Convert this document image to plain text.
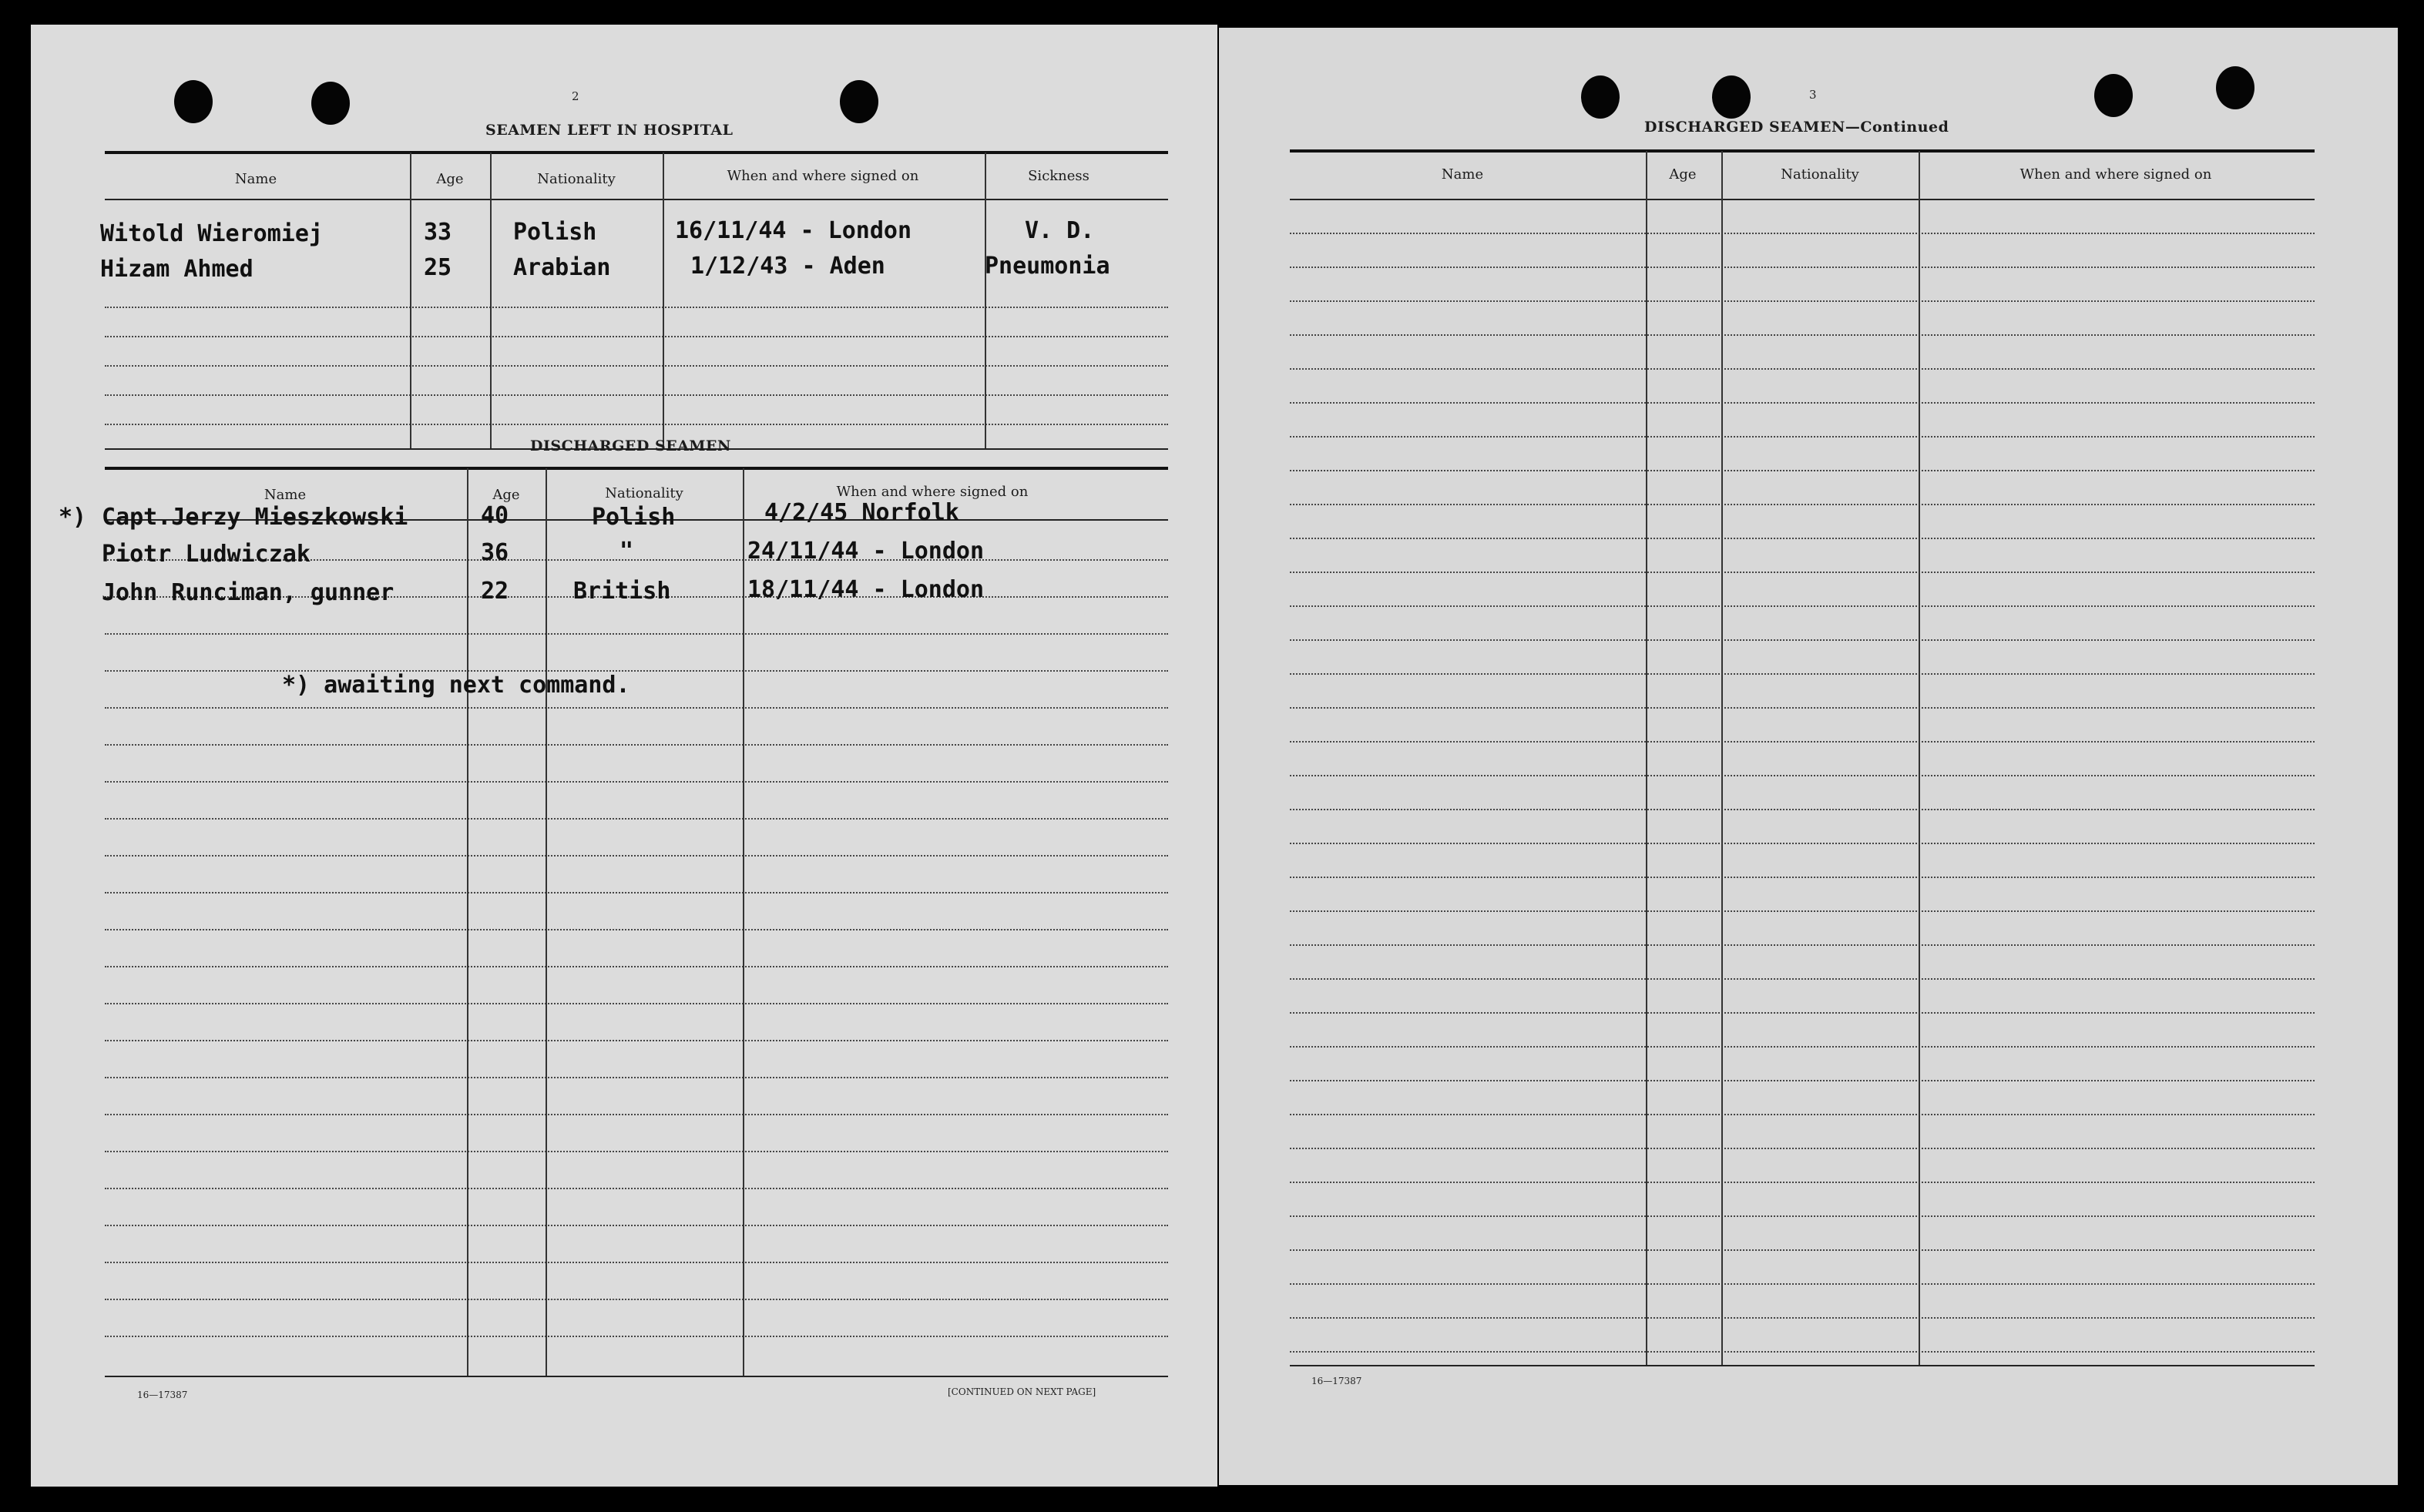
2
SEAMEN LEFT IN HOSPITAL
Name	Age	Nationality	When and where signed on	Sickness
Witold Wieromiej	33	Polish	16/11/44 - London	V. D.
Hizam Ahmed	25	Arabian	1/12/43 - Aden	Pneumonia
DISCHARGED SEAMEN
Name	Age	Nationality	When and where signed on
*) Capt.Jerzy Mieszkowski	40	Polish	4/2/45 Norfolk
Piotr Ludwiczak	36	"	24/11/44 - London
John Runciman, gunner	22	British	18/11/44 - London
*) awaiting next command.
16—17387	[CONTINUED ON NEXT PAGE]
3
DISCHARGED SEAMEN—Continued
Name	Age	Nationality	When and where signed on
16—17387
